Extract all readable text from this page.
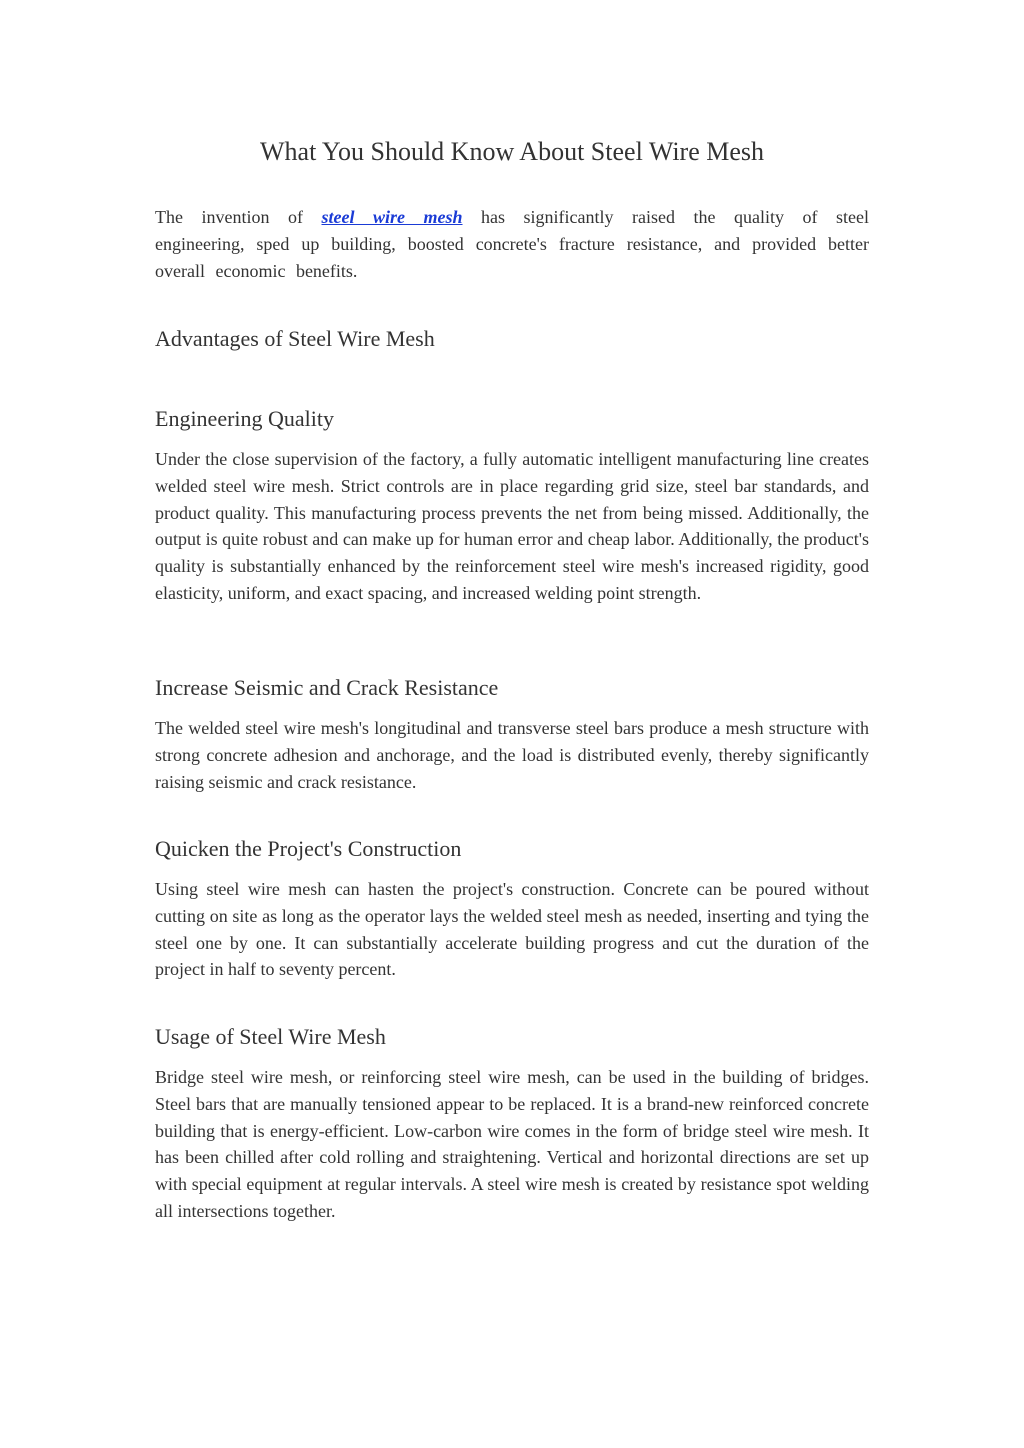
What You Should Know About Steel Wire Mesh

The invention of steel wire mesh has significantly raised the quality of steel engineering, sped up building, boosted concrete's fracture resistance, and provided better overall economic benefits.

Advantages of Steel Wire Mesh
Engineering Quality

Under the close supervision of the factory, a fully automatic intelligent manufacturing line creates welded steel wire mesh. Strict controls are in place regarding grid size, steel bar standards, and product quality. This manufacturing process prevents the net from being missed. Additionally, the output is quite robust and can make up for human error and cheap labor. Additionally, the product's quality is substantially enhanced by the reinforcement steel wire mesh's increased rigidity, good elasticity, uniform, and exact spacing, and increased welding point strength.

Increase Seismic and Crack Resistance

The welded steel wire mesh's longitudinal and transverse steel bars produce a mesh structure with strong concrete adhesion and anchorage, and the load is distributed evenly, thereby significantly raising seismic and crack resistance.

Quicken the Project's Construction

Using steel wire mesh can hasten the project's construction. Concrete can be poured without cutting on site as long as the operator lays the welded steel mesh as needed, inserting and tying the steel one by one. It can substantially accelerate building progress and cut the duration of the project in half to seventy percent.

Usage of Steel Wire Mesh

Bridge steel wire mesh, or reinforcing steel wire mesh, can be used in the building of bridges. Steel bars that are manually tensioned appear to be replaced. It is a brand-new reinforced concrete building that is energy-efficient. Low-carbon wire comes in the form of bridge steel wire mesh. It has been chilled after cold rolling and straightening. Vertical and horizontal directions are set up with special equipment at regular intervals. A steel wire mesh is created by resistance spot welding all intersections together.
